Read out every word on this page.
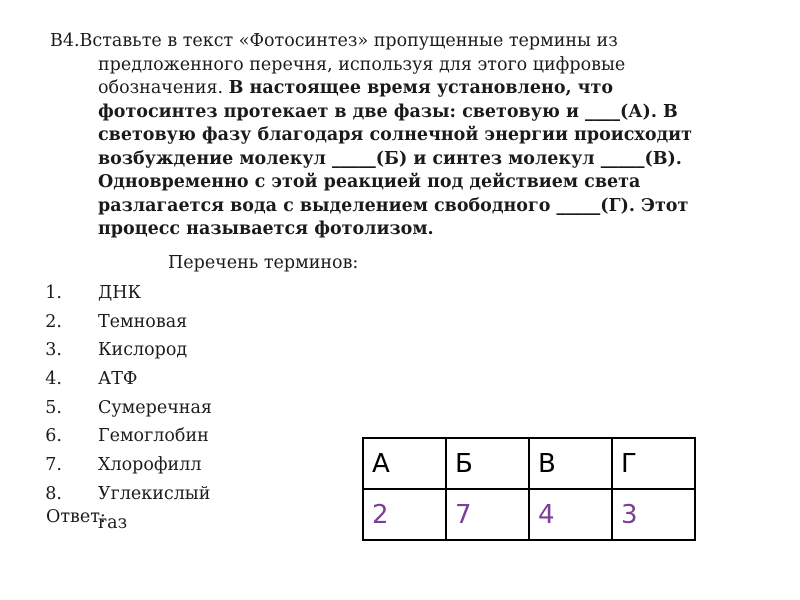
В4.Вставьте в текст «Фотосинтез» пропущенные термины из
предложенного перечня, используя для этого цифровые
обозначения. В настоящее время установлено, что
фотосинтез протекает в две фазы: световую и ____(А). В
световую фазу благодаря солнечной энергии происходит
возбуждение молекул _____(Б) и синтез молекул _____(В).
Одновременно с этой реакцией под действием света
разлагается вода с выделением свободного _____(Г). Этот
процесс называется фотолизом.
Перечень терминов:
1. ДНК
2. Темновая
3. Кислород
4. АТФ
5. Сумеречная
6. Гемоглобин
7. Хлорофилл
8. Углекислый газ
Ответ:
А	Б	В	Г
2	7	4	3
